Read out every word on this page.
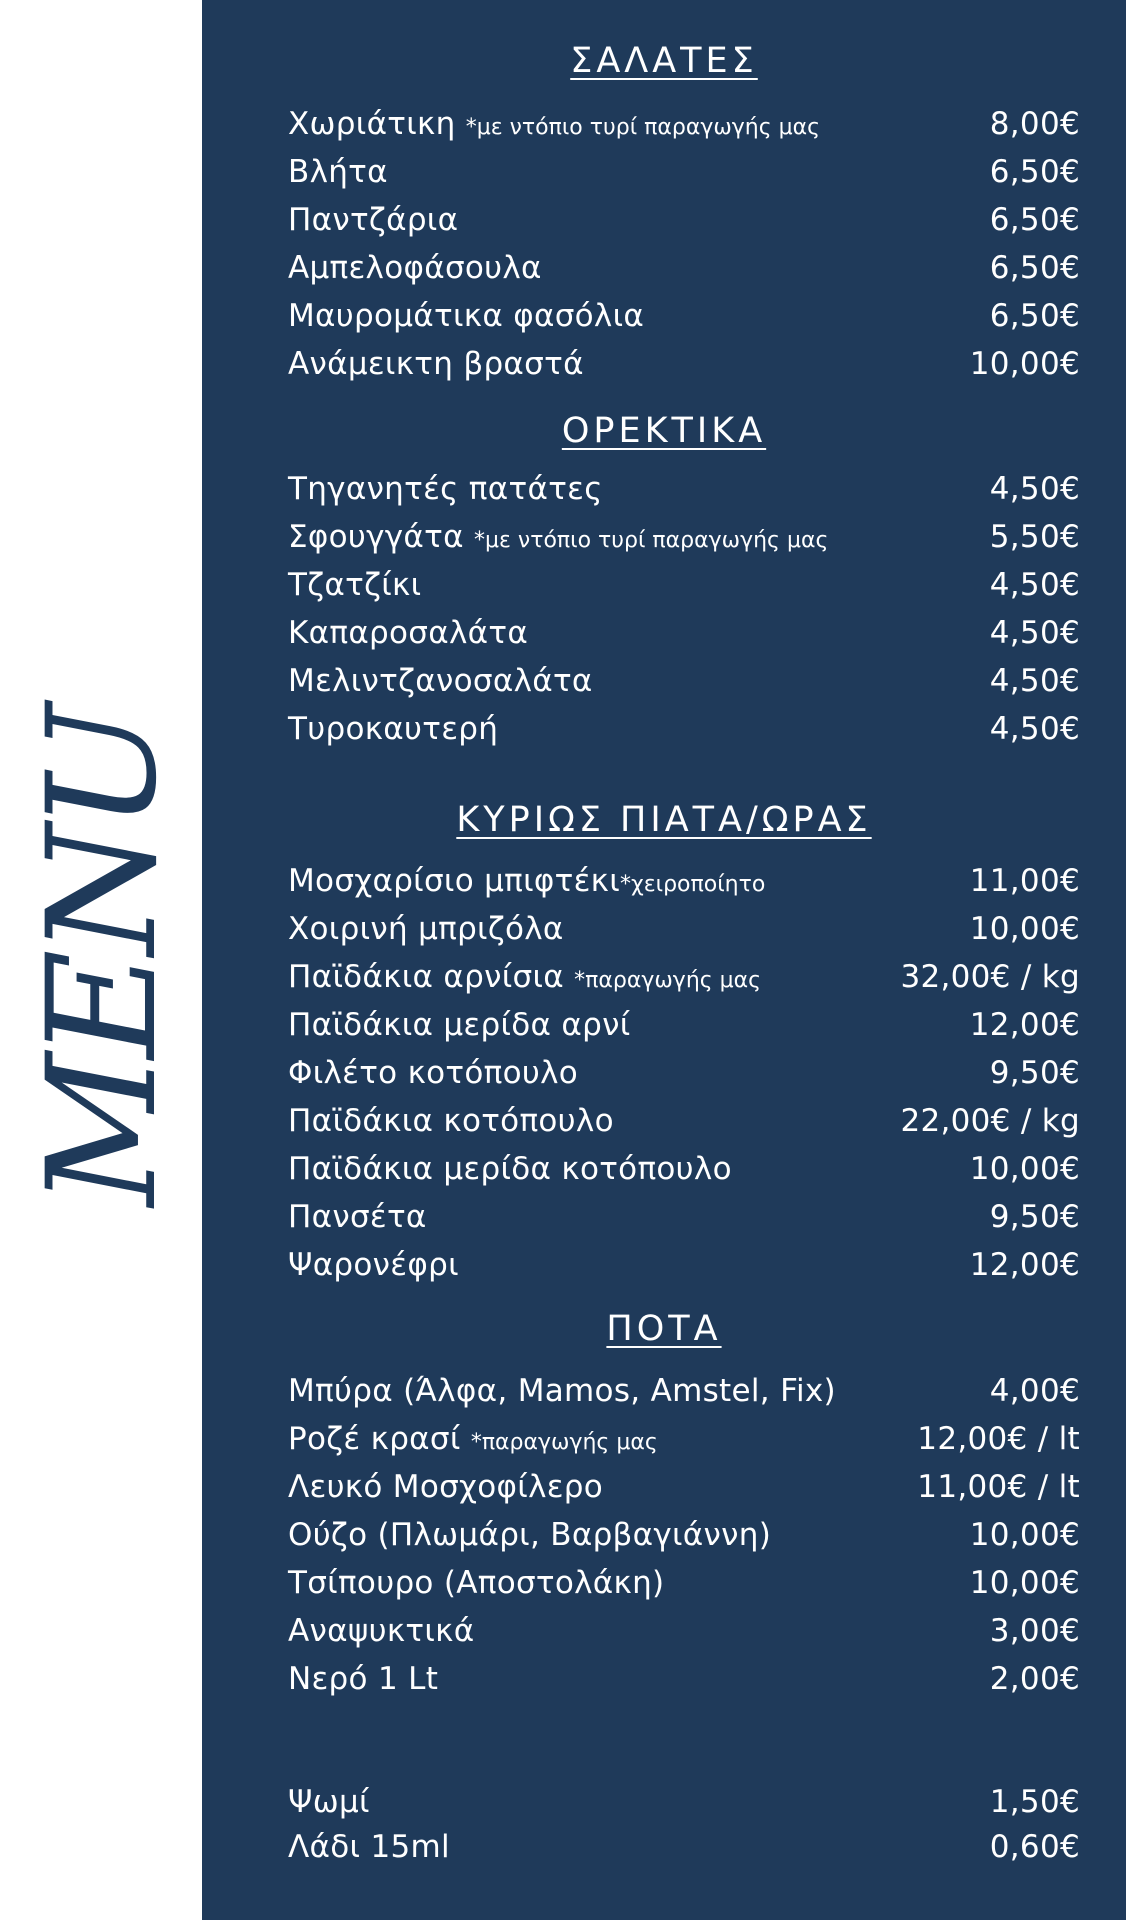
MENU
ΣΑΛΑΤΕΣ
Χωριάτικη *με ντόπιο τυρί παραγωγής μας	8,00€
Βλήτα	6,50€
Παντζάρια	6,50€
Αμπελοφάσουλα	6,50€
Μαυρομάτικα φασόλια	6,50€
Ανάμεικτη βραστά	10,00€
ΟΡΕΚΤΙΚΑ
Τηγανητές πατάτες	4,50€
Σφουγγάτα *με ντόπιο τυρί παραγωγής μας	5,50€
Τζατζίκι	4,50€
Καπαροσαλάτα	4,50€
Μελιντζανοσαλάτα	4,50€
Τυροκαυτερή	4,50€
ΚΥΡΙΩΣ ΠΙΑΤΑ/ΩΡΑΣ
Μοσχαρίσιο μπιφτέκι*χειροποίητο	11,00€
Χοιρινή μπριζόλα	10,00€
Παϊδάκια αρνίσια *παραγωγής μας	32,00€ / kg
Παϊδάκια μερίδα αρνί	12,00€
Φιλέτο κοτόπουλο	9,50€
Παϊδάκια κοτόπουλο	22,00€ / kg
Παϊδάκια μερίδα κοτόπουλο	10,00€
Πανσέτα	9,50€
Ψαρονέφρι	12,00€
ΠΟΤΑ
Μπύρα (Άλφα, Mamos, Amstel, Fix)	4,00€
Ροζέ κρασί *παραγωγής μας	12,00€ / lt
Λευκό Μοσχοφίλερο	11,00€ / lt
Ούζο (Πλωμάρι, Βαρβαγιάννη)	10,00€
Τσίπουρο (Αποστολάκη)	10,00€
Αναψυκτικά	3,00€
Νερό 1 Lt	2,00€
Ψωμί	1,50€
Λάδι 15ml	0,60€
